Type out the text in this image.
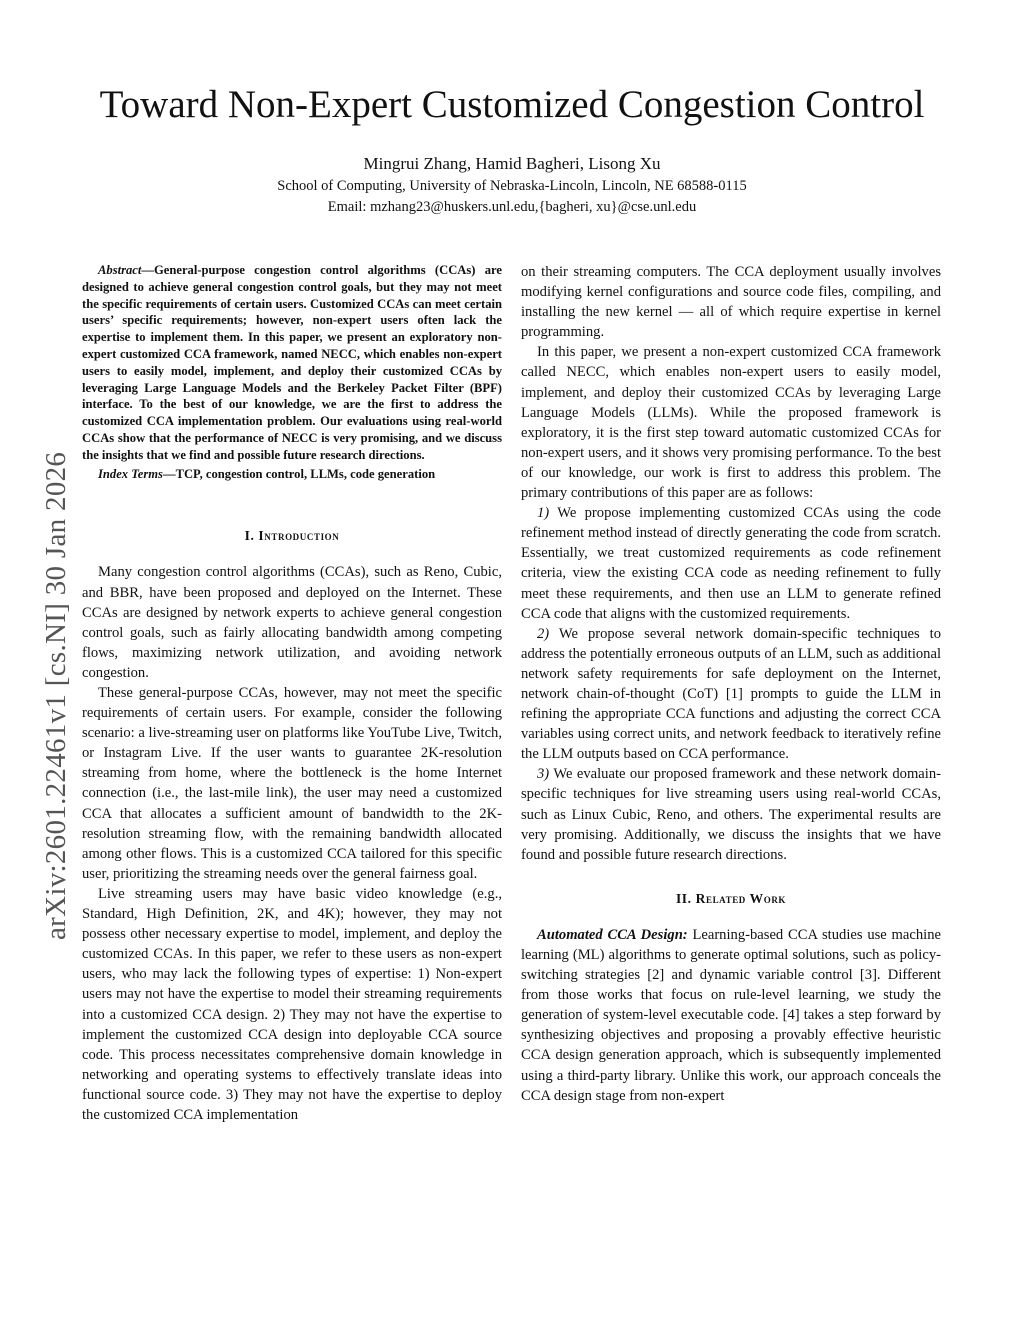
arXiv:2601.22461v1 [cs.NI] 30 Jan 2026
Toward Non-Expert Customized Congestion Control

Mingrui Zhang, Hamid Bagheri, Lisong Xu

School of Computing, University of Nebraska-Lincoln, Lincoln, NE 68588-0115

Email: mzhang23@huskers.unl.edu,{bagheri, xu}@cse.unl.edu

Abstract—General-purpose congestion control algorithms (CCAs) are designed to achieve general congestion control goals, but they may not meet the specific requirements of certain users. Customized CCAs can meet certain users’ specific requirements; however, non-expert users often lack the expertise to implement them. In this paper, we present an exploratory non-expert customized CCA framework, named NECC, which enables non-expert users to easily model, implement, and deploy their customized CCAs by leveraging Large Language Models and the Berkeley Packet Filter (BPF) interface. To the best of our knowledge, we are the first to address the customized CCA implementation problem. Our evaluations using real-world CCAs show that the performance of NECC is very promising, and we discuss the insights that we find and possible future research directions.

Index Terms—TCP, congestion control, LLMs, code generation

I. Introduction

Many congestion control algorithms (CCAs), such as Reno, Cubic, and BBR, have been proposed and deployed on the Internet. These CCAs are designed by network experts to achieve general congestion control goals, such as fairly allocating bandwidth among competing flows, maximizing network utilization, and avoiding network congestion.

These general-purpose CCAs, however, may not meet the specific requirements of certain users. For example, consider the following scenario: a live-streaming user on platforms like YouTube Live, Twitch, or Instagram Live. If the user wants to guarantee 2K-resolution streaming from home, where the bottleneck is the home Internet connection (i.e., the last-mile link), the user may need a customized CCA that allocates a sufficient amount of bandwidth to the 2K-resolution streaming flow, with the remaining bandwidth allocated among other flows. This is a customized CCA tailored for this specific user, prioritizing the streaming needs over the general fairness goal.

Live streaming users may have basic video knowledge (e.g., Standard, High Definition, 2K, and 4K); however, they may not possess other necessary expertise to model, implement, and deploy the customized CCAs. In this paper, we refer to these users as non-expert users, who may lack the following types of expertise: 1) Non-expert users may not have the expertise to model their streaming requirements into a customized CCA design. 2) They may not have the expertise to implement the customized CCA design into deployable CCA source code. This process necessitates comprehensive domain knowledge in networking and operating systems to effectively translate ideas into functional source code. 3) They may not have the expertise to deploy the customized CCA implementation

on their streaming computers. The CCA deployment usually involves modifying kernel configurations and source code files, compiling, and installing the new kernel — all of which require expertise in kernel programming.

In this paper, we present a non-expert customized CCA framework called NECC, which enables non-expert users to easily model, implement, and deploy their customized CCAs by leveraging Large Language Models (LLMs). While the proposed framework is exploratory, it is the first step toward automatic customized CCAs for non-expert users, and it shows very promising performance. To the best of our knowledge, our work is first to address this problem. The primary contributions of this paper are as follows:

1) We propose implementing customized CCAs using the code refinement method instead of directly generating the code from scratch. Essentially, we treat customized requirements as code refinement criteria, view the existing CCA code as needing refinement to fully meet these requirements, and then use an LLM to generate refined CCA code that aligns with the customized requirements.

2) We propose several network domain-specific techniques to address the potentially erroneous outputs of an LLM, such as additional network safety requirements for safe deployment on the Internet, network chain-of-thought (CoT) [1] prompts to guide the LLM in refining the appropriate CCA functions and adjusting the correct CCA variables using correct units, and network feedback to iteratively refine the LLM outputs based on CCA performance.

3) We evaluate our proposed framework and these network domain-specific techniques for live streaming users using real-world CCAs, such as Linux Cubic, Reno, and others. The experimental results are very promising. Additionally, we discuss the insights that we have found and possible future research directions.

II. Related Work

Automated CCA Design: Learning-based CCA studies use machine learning (ML) algorithms to generate optimal solutions, such as policy-switching strategies [2] and dynamic variable control [3]. Different from those works that focus on rule-level learning, we study the generation of system-level executable code. [4] takes a step forward by synthesizing objectives and proposing a provably effective heuristic CCA design generation approach, which is subsequently implemented using a third-party library. Unlike this work, our approach conceals the CCA design stage from non-expert
